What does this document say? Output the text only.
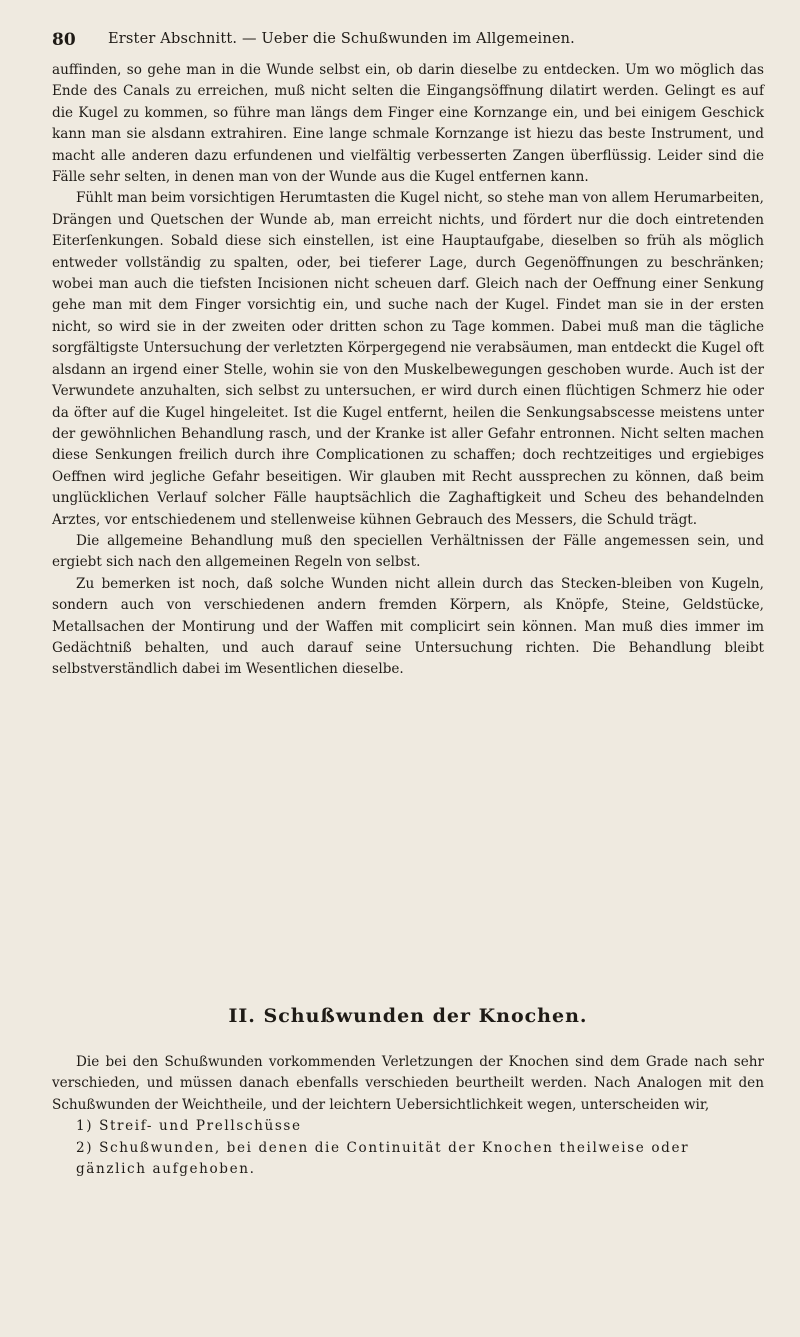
80 Erster Abschnitt. — Ueber die Schußwunden im Allgemeinen.

auffinden, so gehe man in die Wunde selbst ein, ob darin dieselbe zu entdecken. Um wo möglich das Ende des Canals zu erreichen, muß nicht selten die Eingangsöffnung dilatirt werden. Gelingt es auf die Kugel zu kommen, so führe man längs dem Finger eine Kornzange ein, und bei einigem Geschick kann man sie alsdann extrahiren. Eine lange schmale Kornzange ist hiezu das beste Instrument, und macht alle anderen dazu erfundenen und vielfältig verbesserten Zangen überflüssig. Leider sind die Fälle sehr selten, in denen man von der Wunde aus die Kugel entfernen kann.

Fühlt man beim vorsichtigen Herumtasten die Kugel nicht, so stehe man von allem Herumarbeiten, Drängen und Quetschen der Wunde ab, man erreicht nichts, und fördert nur die doch eintretenden Eiterſenkungen. Sobald diese sich einstellen, ist eine Hauptaufgabe, dieselben so früh als möglich entweder vollständig zu spalten, oder, bei tieferer Lage, durch Gegenöffnungen zu beschränken; wobei man auch die tiefsten Incisionen nicht scheuen darf. Gleich nach der Oeffnung einer Senkung gehe man mit dem Finger vorsichtig ein, und suche nach der Kugel. Findet man sie in der ersten nicht, so wird sie in der zweiten oder dritten schon zu Tage kommen. Dabei muß man die tägliche sorgfältigste Untersuchung der verletzten Körpergegend nie verabsäumen, man entdeckt die Kugel oft alsdann an irgend einer Stelle, wohin sie von den Muskelbewegungen geschoben wurde. Auch ist der Verwundete anzuhalten, sich selbst zu untersuchen, er wird durch einen flüchtigen Schmerz hie oder da öfter auf die Kugel hingeleitet. Ist die Kugel entfernt, heilen die Senkungsabscesse meistens unter der gewöhnlichen Behandlung rasch, und der Kranke ist aller Gefahr entronnen. Nicht selten machen diese Senkungen freilich durch ihre Complicationen zu schaffen; doch rechtzeitiges und ergiebiges Oeffnen wird jegliche Gefahr beseitigen. Wir glauben mit Recht aussprechen zu können, daß beim unglücklichen Verlauf solcher Fälle hauptsächlich die Zaghaftigkeit und Scheu des behandelnden Arztes, vor entschiedenem und stellenweise kühnen Gebrauch des Messers, die Schuld trägt.

Die allgemeine Behandlung muß den speciellen Verhältnissen der Fälle angemessen sein, und ergiebt sich nach den allgemeinen Regeln von selbst.

Zu bemerken ist noch, daß solche Wunden nicht allein durch das Stecken-bleiben von Kugeln, sondern auch von verschiedenen andern fremden Körpern, als Knöpfe, Steine, Geldstücke, Metallsachen der Montirung und der Waffen mit complicirt sein können. Man muß dies immer im Gedächtniß behalten, und auch darauf seine Untersuchung richten. Die Behandlung bleibt selbstverständlich dabei im Wesentlichen dieselbe.

II. Schußwunden der Knochen.

Die bei den Schußwunden vorkommenden Verletzungen der Knochen sind dem Grade nach sehr verschieden, und müssen danach ebenfalls verschieden beurtheilt werden. Nach Analogen mit den Schußwunden der Weichtheile, und der leichtern Uebersichtlichkeit wegen, unterscheiden wir,

1) Streif- und Prellschüsse

2) Schußwunden, bei denen die Continuität der Knochen theilweise oder gänzlich aufgehoben.
